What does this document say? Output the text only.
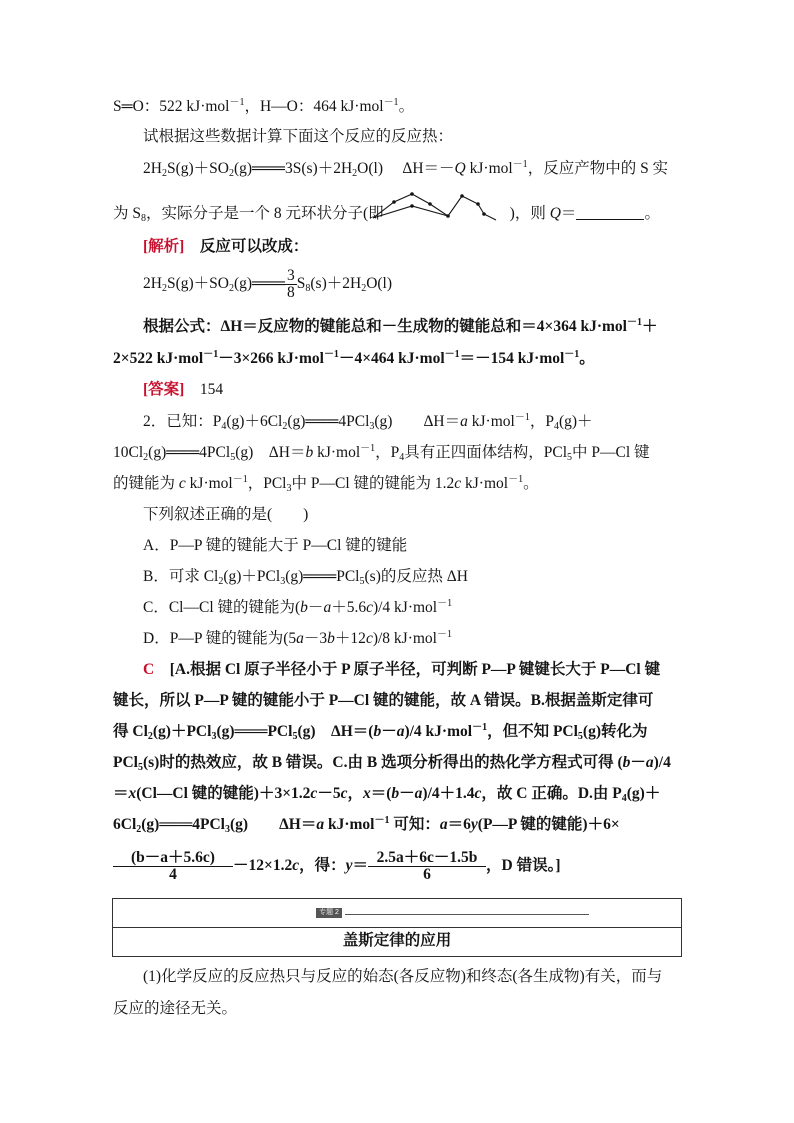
S═O：522 kJ·mol$^{-1}$，H—O：464 kJ·mol$^{-1}$。
试根据这些数据计算下面这个反应的反应热：
$2H_2S(g)+SO_2(g)═══3S(s)+2H_2O(l)$　 ΔH＝－Q kJ·mol$^{-1}$，反应产物中的 S 实
为 $S_8$，实际分子是一个 8 元环状分子(即	)，则 Q＝	。
[解析]　反应可以改成：
$2H_2S(g)+SO_2(g)═══ \frac{3}{8} S_8(s)+2H_2O(l)$
根据公式：ΔH＝反应物的键能总和－生成物的键能总和＝4×364 kJ·mol$^{-1}$＋
2×522 kJ·mol$^{-1}$－3×266 kJ·mol$^{-1}$－4×464 kJ·mol$^{-1}$＝－154 kJ·mol$^{-1}$。
[答案]　154
2．已知：$P_4(g)+6Cl_2(g)═══4PCl_3(g)$　　ΔH＝a kJ·mol$^{-1}$，$P_4(g)+$
$10Cl_2(g)═══4PCl_5(g)$　ΔH＝b kJ·mol$^{-1}$，$P_4$具有正四面体结构，PCl$_5$中 P—Cl 键
的键能为 c kJ·mol$^{-1}$，PCl$_3$中 P—Cl 键的键能为 1.2c kJ·mol$^{-1}$。
下列叙述正确的是(　　)
A．P—P 键的键能大于 P—Cl 键的键能
B．可求 $Cl_2(g)+PCl_3(g)═══PCl_5(s)$的反应热 ΔH
C．Cl—Cl 键的键能为(b－a＋5.6c)/4 kJ·mol$^{-1}$
D．P—P 键的键能为(5a－3b＋12c)/8 kJ·mol$^{-1}$
C　 [A.根据 Cl 原子半径小于 P 原子半径，可判断 P—P 键键长大于 P—Cl 键
键长，所以 P—P 键的键能小于 P—Cl 键的键能，故 A 错误。B.根据盖斯定律可
得 $Cl_2(g)+PCl_3(g)═══PCl_5(g)$　ΔH＝(b－a)/4 kJ·mol$^{-1}$，但不知 PCl$_5$(g)转化为
PCl$_5$(s)时的热效应，故 B 错误。C.由 B 选项分析得出的热化学方程式可得 (b－a)/4
＝x(Cl—Cl 键的键能)＋3×1.2c－5c，x＝(b－a)/4＋1.4c，故 C 正确。D.由 $P_4(g)+$
$6Cl_2(g)═══4PCl_3(g)$　　ΔH＝a kJ·mol$^{-1}$ 可知：a＝6y(P—P 键的键能)＋6×
$\frac{(b-a+5.6c)}{4} -12\times 1.2c$，得：$y= \frac{2.5a+6c-1.5b}{6}$ ，D 错误。]
专题 2
盖斯定律的应用
(1)化学反应的反应热只与反应的始态(各反应物)和终态(各生成物)有关，而与
反应的途径无关。
